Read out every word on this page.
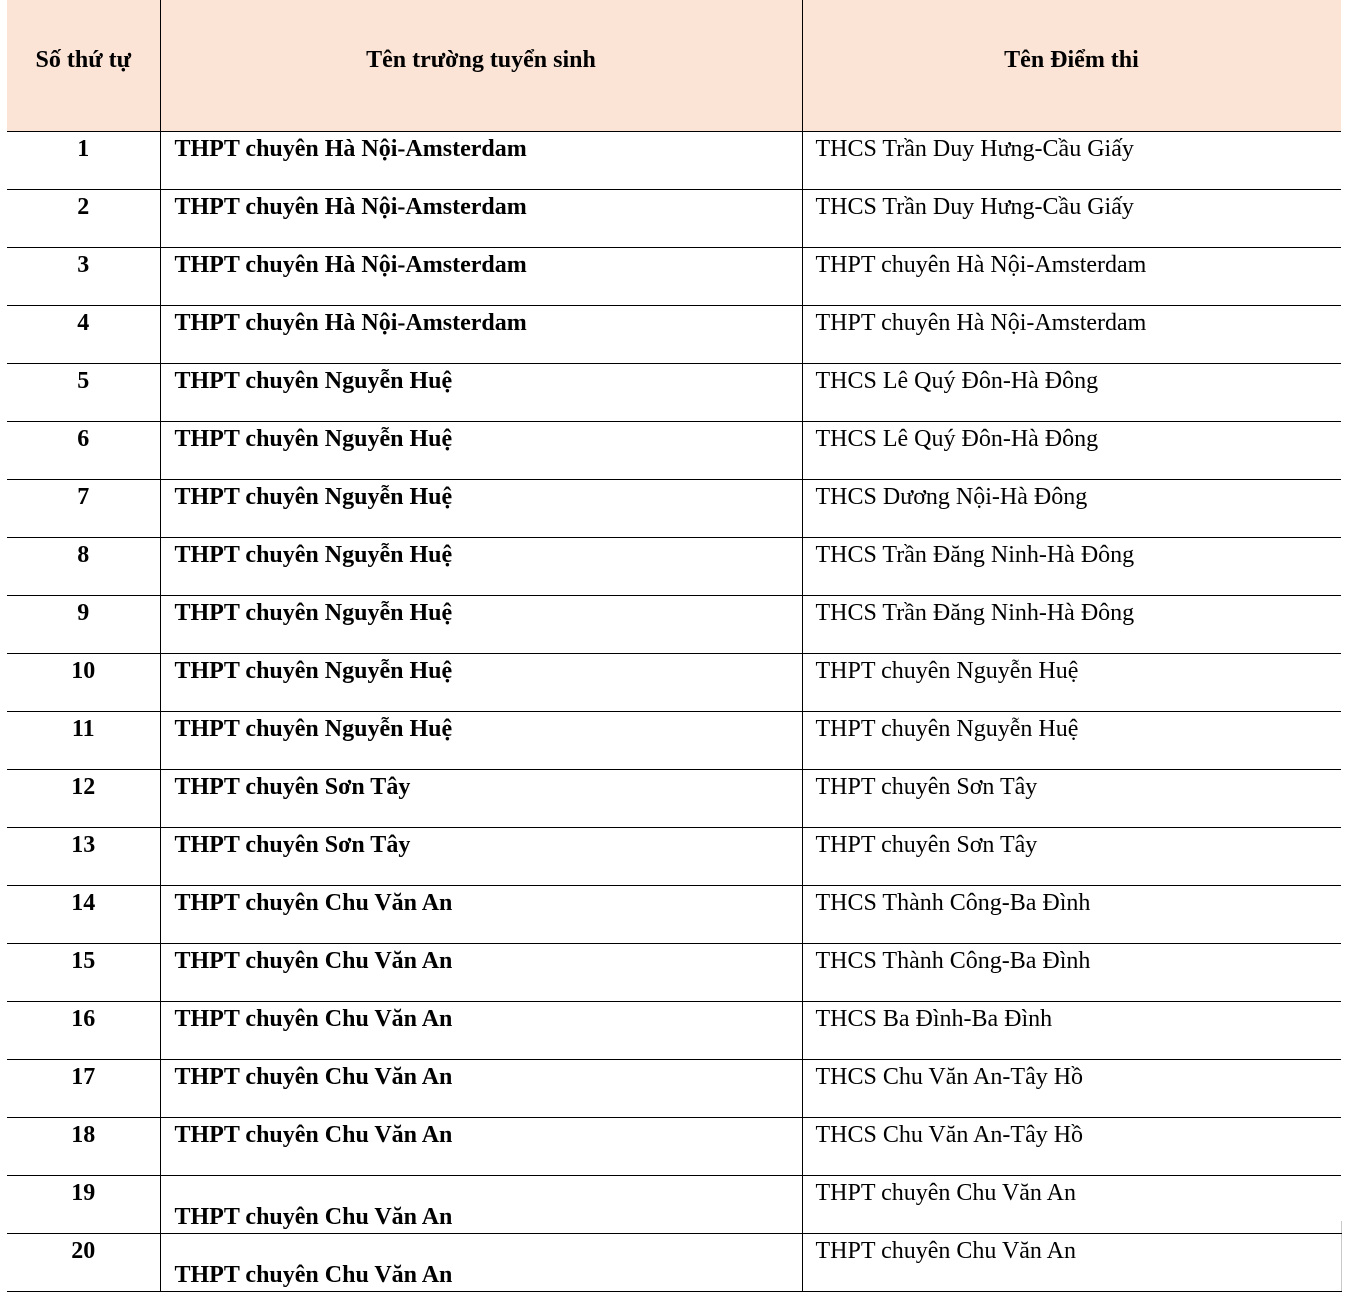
Số thứ tự	Tên trường tuyển sinh	Tên Điểm thi
1	THPT chuyên Hà Nội-Amsterdam	THCS Trần Duy Hưng-Cầu Giấy
2	THPT chuyên Hà Nội-Amsterdam	THCS Trần Duy Hưng-Cầu Giấy
3	THPT chuyên Hà Nội-Amsterdam	THPT chuyên Hà Nội-Amsterdam
4	THPT chuyên Hà Nội-Amsterdam	THPT chuyên Hà Nội-Amsterdam
5	THPT chuyên Nguyễn Huệ	THCS Lê Quý Đôn-Hà Đông
6	THPT chuyên Nguyễn Huệ	THCS Lê Quý Đôn-Hà Đông
7	THPT chuyên Nguyễn Huệ	THCS Dương Nội-Hà Đông
8	THPT chuyên Nguyễn Huệ	THCS Trần Đăng Ninh-Hà Đông
9	THPT chuyên Nguyễn Huệ	THCS Trần Đăng Ninh-Hà Đông
10	THPT chuyên Nguyễn Huệ	THPT chuyên Nguyễn Huệ
11	THPT chuyên Nguyễn Huệ	THPT chuyên Nguyễn Huệ
12	THPT chuyên Sơn Tây	THPT chuyên Sơn Tây
13	THPT chuyên Sơn Tây	THPT chuyên Sơn Tây
14	THPT chuyên Chu Văn An	THCS Thành Công-Ba Đình
15	THPT chuyên Chu Văn An	THCS Thành Công-Ba Đình
16	THPT chuyên Chu Văn An	THCS Ba Đình-Ba Đình
17	THPT chuyên Chu Văn An	THCS Chu Văn An-Tây Hồ
18	THPT chuyên Chu Văn An	THCS Chu Văn An-Tây Hồ
19	THPT chuyên Chu Văn An	THPT chuyên Chu Văn An
20	THPT chuyên Chu Văn An	THPT chuyên Chu Văn An
